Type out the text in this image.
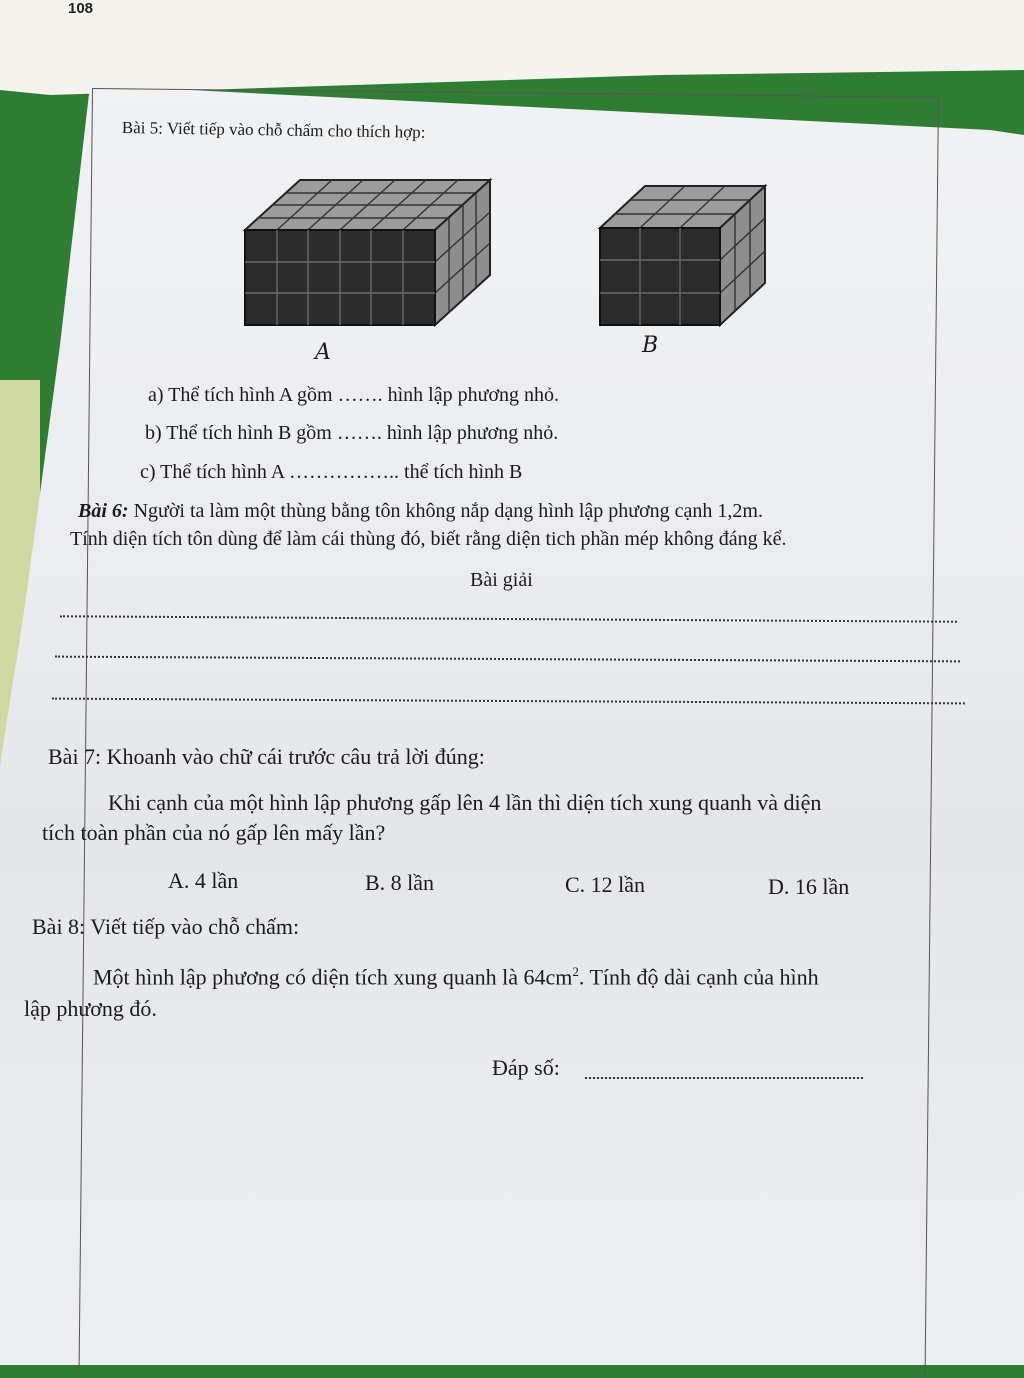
108
Bài 5: Viết tiếp vào chỗ chấm cho thích hợp:
A	B
a) Thể tích hình A gồm ……. hình lập phương nhỏ.
b) Thể tích hình B gồm ……. hình lập phương nhỏ.
c) Thể tích hình A …………….. thể tích hình B
Bài 6: Người ta làm một thùng bằng tôn không nắp dạng hình lập phương cạnh 1,2m.
Tính diện tích tôn dùng để làm cái thùng đó, biết rằng diện tich phần mép không đáng kể.
Bài giải
Bài 7: Khoanh vào chữ cái trước câu trả lời đúng:
Khi cạnh của một hình lập phương gấp lên 4 lần thì diện tích xung quanh và diện
tích toàn phần của nó gấp lên mấy lần?
A. 4 lần	B. 8 lần	C. 12 lần	D. 16 lần
Bài 8: Viết tiếp vào chỗ chấm:
Một hình lập phương có diện tích xung quanh là $64cm^2$. Tính độ dài cạnh của hình
lập phương đó.
Đáp số:
